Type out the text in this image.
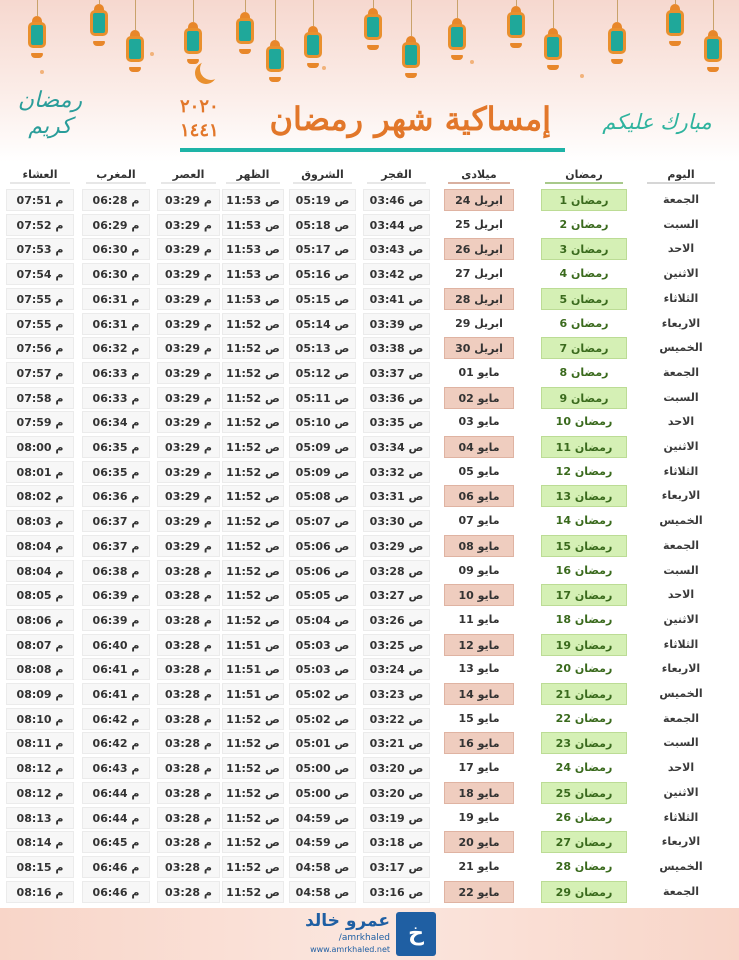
رمضان كريم
٢٠٢٠
١٤٤١ إمساكية شهر رمضان	مبارك عليكم
اليوم
رمضان
ميلادى
الفجر
الشروق
الظهر
العصر
المغرب
العشاء
الجمعة
1 رمضان
24 ابريل
03:46 ص
05:19 ص
11:53 ص
03:29 م
06:28 م
07:51 م
السبت
2 رمضان
25 ابريل
03:44 ص
05:18 ص
11:53 ص
03:29 م
06:29 م
07:52 م
الاحد
3 رمضان
26 ابريل
03:43 ص
05:17 ص
11:53 ص
03:29 م
06:30 م
07:53 م
الاثنين
4 رمضان
27 ابريل
03:42 ص
05:16 ص
11:53 ص
03:29 م
06:30 م
07:54 م
الثلاثاء
5 رمضان
28 ابريل
03:41 ص
05:15 ص
11:53 ص
03:29 م
06:31 م
07:55 م
الاربعاء
6 رمضان
29 ابريل
03:39 ص
05:14 ص
11:52 ص
03:29 م
06:31 م
07:55 م
الخميس
7 رمضان
30 ابريل
03:38 ص
05:13 ص
11:52 ص
03:29 م
06:32 م
07:56 م
الجمعة
8 رمضان
01 مايو
03:37 ص
05:12 ص
11:52 ص
03:29 م
06:33 م
07:57 م
السبت
9 رمضان
02 مايو
03:36 ص
05:11 ص
11:52 ص
03:29 م
06:33 م
07:58 م
الاحد
10 رمضان
03 مايو
03:35 ص
05:10 ص
11:52 ص
03:29 م
06:34 م
07:59 م
الاثنين
11 رمضان
04 مايو
03:34 ص
05:09 ص
11:52 ص
03:29 م
06:35 م
08:00 م
الثلاثاء
12 رمضان
05 مايو
03:32 ص
05:09 ص
11:52 ص
03:29 م
06:35 م
08:01 م
الاربعاء
13 رمضان
06 مايو
03:31 ص
05:08 ص
11:52 ص
03:29 م
06:36 م
08:02 م
الخميس
14 رمضان
07 مايو
03:30 ص
05:07 ص
11:52 ص
03:29 م
06:37 م
08:03 م
الجمعة
15 رمضان
08 مايو
03:29 ص
05:06 ص
11:52 ص
03:29 م
06:37 م
08:04 م
السبت
16 رمضان
09 مايو
03:28 ص
05:06 ص
11:52 ص
03:28 م
06:38 م
08:04 م
الاحد
17 رمضان
10 مايو
03:27 ص
05:05 ص
11:52 ص
03:28 م
06:39 م
08:05 م
الاثنين
18 رمضان
11 مايو
03:26 ص
05:04 ص
11:52 ص
03:28 م
06:39 م
08:06 م
الثلاثاء
19 رمضان
12 مايو
03:25 ص
05:03 ص
11:51 ص
03:28 م
06:40 م
08:07 م
الاربعاء
20 رمضان
13 مايو
03:24 ص
05:03 ص
11:51 ص
03:28 م
06:41 م
08:08 م
الخميس
21 رمضان
14 مايو
03:23 ص
05:02 ص
11:51 ص
03:28 م
06:41 م
08:09 م
الجمعة
22 رمضان
15 مايو
03:22 ص
05:02 ص
11:52 ص
03:28 م
06:42 م
08:10 م
السبت
23 رمضان
16 مايو
03:21 ص
05:01 ص
11:52 ص
03:28 م
06:42 م
08:11 م
الاحد
24 رمضان
17 مايو
03:20 ص
05:00 ص
11:52 ص
03:28 م
06:43 م
08:12 م
الاثنين
25 رمضان
18 مايو
03:20 ص
05:00 ص
11:52 ص
03:28 م
06:44 م
08:12 م
الثلاثاء
26 رمضان
19 مايو
03:19 ص
04:59 ص
11:52 ص
03:28 م
06:44 م
08:13 م
الاربعاء
27 رمضان
20 مايو
03:18 ص
04:59 ص
11:52 ص
03:28 م
06:45 م
08:14 م
الخميس
28 رمضان
21 مايو
03:17 ص
04:58 ص
11:52 ص
03:28 م
06:46 م
08:15 م
الجمعة
29 رمضان
22 مايو
03:16 ص
04:58 ص
11:52 ص
03:28 م
06:46 م
08:16 م
خ
عمرو خالد
/amrkhaled
www.amrkhaled.net
